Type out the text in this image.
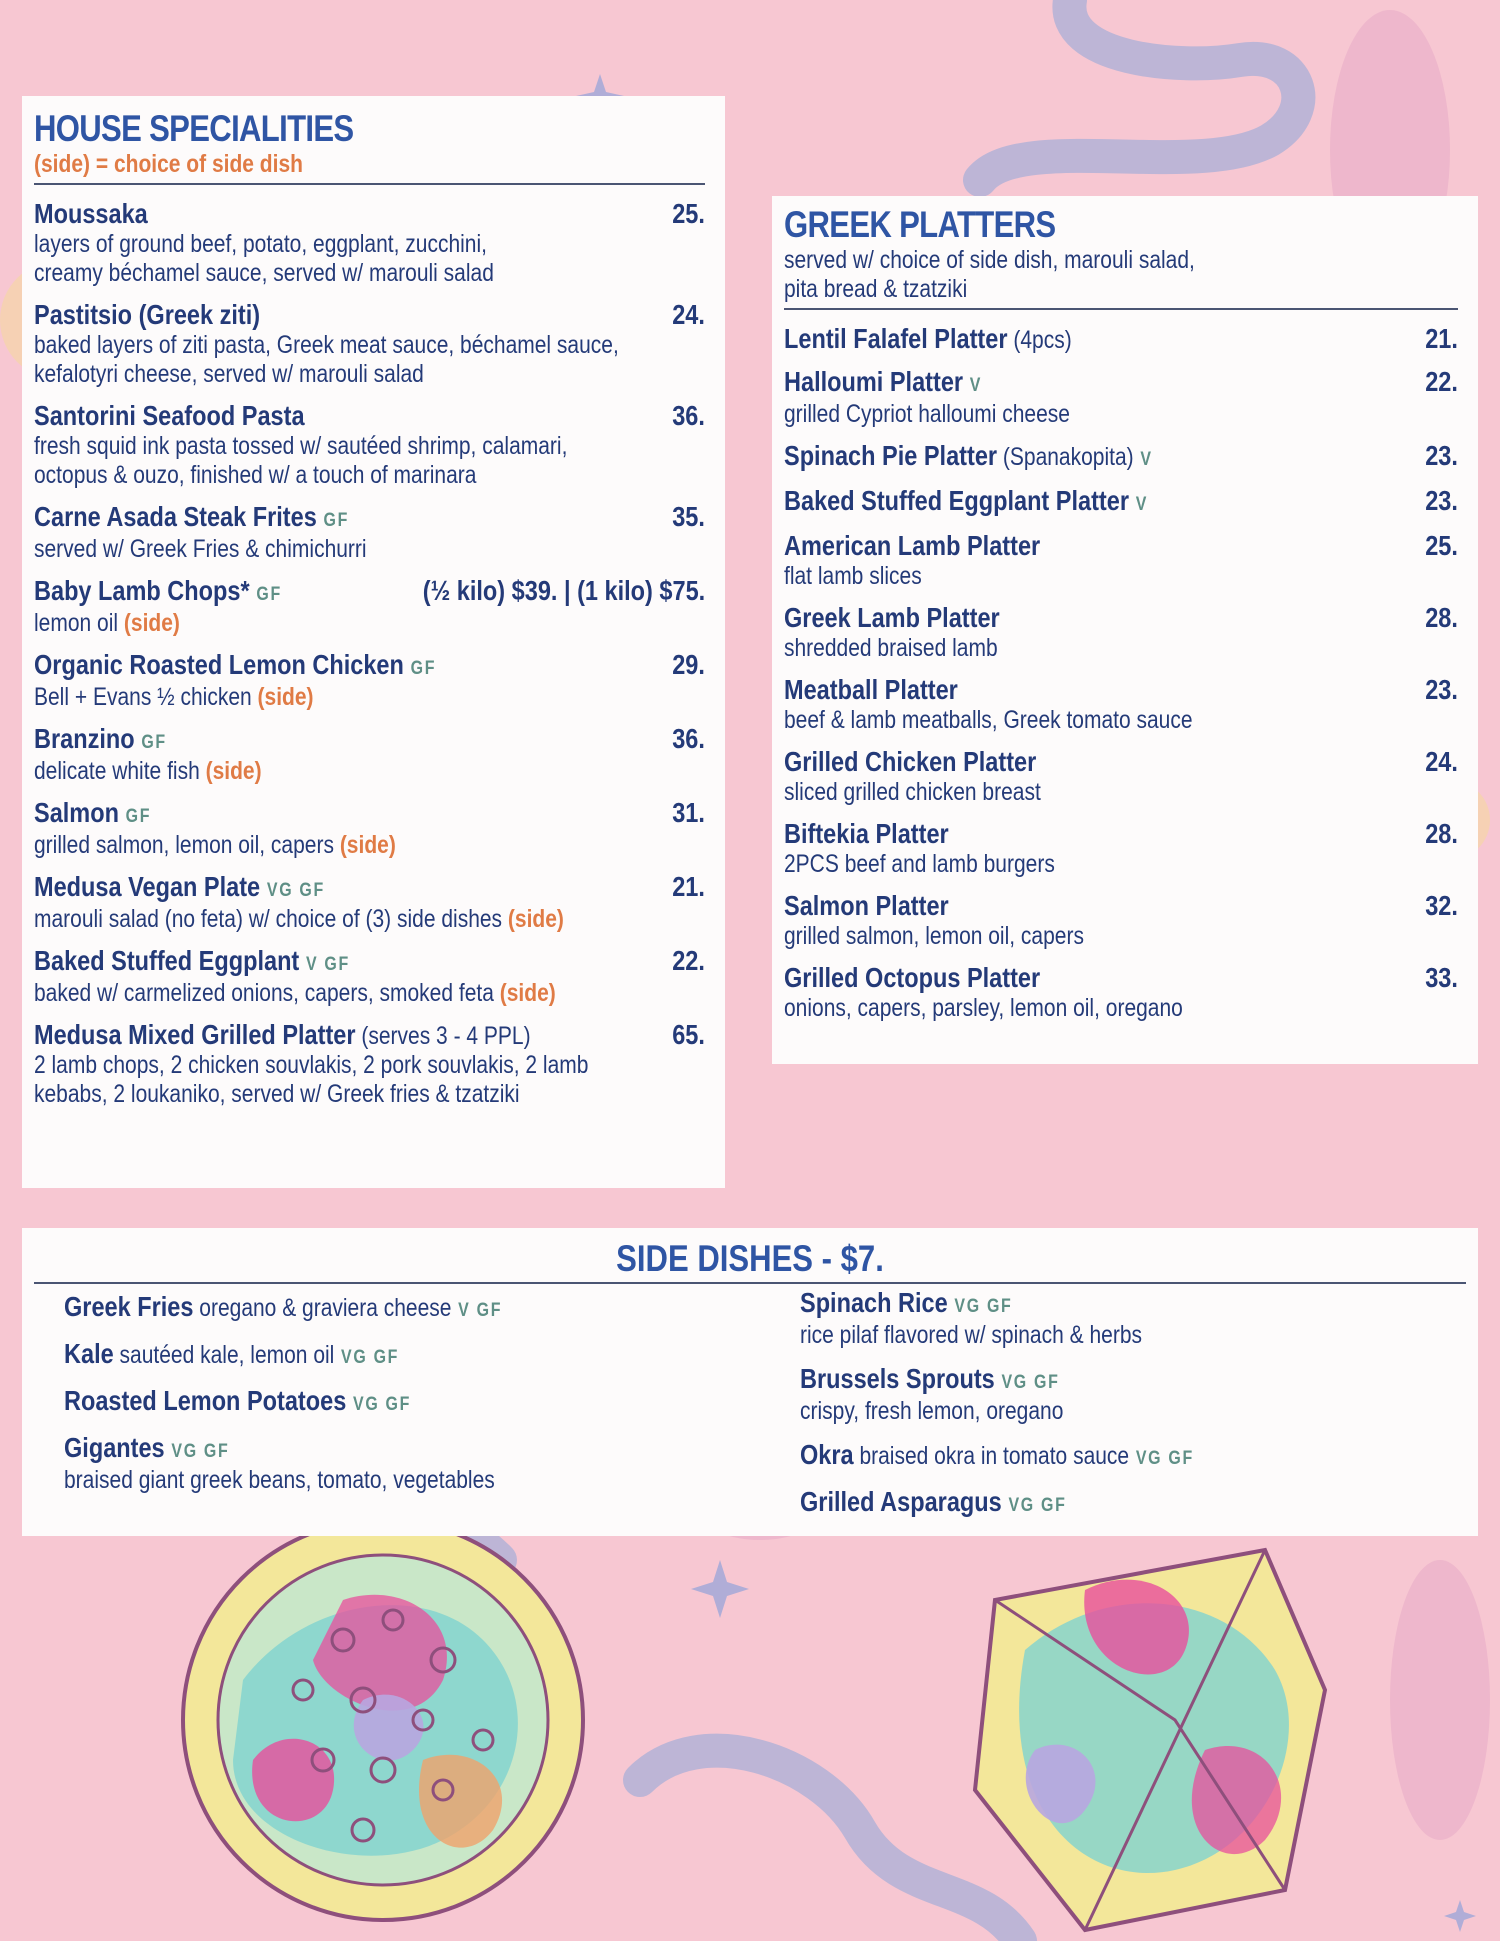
HOUSE SPECIALITIES
(side) = choice of side dish
Moussaka	25.
layers of ground beef, potato, eggplant, zucchini,
creamy béchamel sauce, served w/ marouli salad
Pastitsio (Greek ziti)	24.
baked layers of ziti pasta, Greek meat sauce, béchamel sauce,
kefalotyri cheese, served w/ marouli salad
Santorini Seafood Pasta	36.
fresh squid ink pasta tossed w/ sautéed shrimp, calamari,
octopus & ouzo, finished w/ a touch of marinara
Carne Asada Steak Frites GF	35.
served w/ Greek Fries & chimichurri
Baby Lamb Chops* GF	(½ kilo) $39. | (1 kilo) $75.
lemon oil (side)
Organic Roasted Lemon Chicken GF	29.
Bell + Evans ½ chicken (side)
Branzino GF	36.
delicate white fish (side)
Salmon GF	31.
grilled salmon, lemon oil, capers (side)
Medusa Vegan Plate VG GF	21.
marouli salad (no feta) w/ choice of (3) side dishes (side)
Baked Stuffed Eggplant V GF	22.
baked w/ carmelized onions, capers, smoked feta (side)
Medusa Mixed Grilled Platter (serves 3 - 4 PPL)	65.
2 lamb chops, 2 chicken souvlakis, 2 pork souvlakis, 2 lamb
kebabs, 2 loukaniko, served w/ Greek fries & tzatziki
GREEK PLATTERS
served w/ choice of side dish, marouli salad,
pita bread & tzatziki
Lentil Falafel Platter (4pcs)	21.
Halloumi Platter V	22.
grilled Cypriot halloumi cheese
Spinach Pie Platter (Spanakopita) V	23.
Baked Stuffed Eggplant Platter V	23.
American Lamb Platter	25.
flat lamb slices
Greek Lamb Platter	28.
shredded braised lamb
Meatball Platter	23.
beef & lamb meatballs, Greek tomato sauce
Grilled Chicken Platter	24.
sliced grilled chicken breast
Biftekia Platter	28.
2PCS beef and lamb burgers
Salmon Platter	32.
grilled salmon, lemon oil, capers
Grilled Octopus Platter	33.
onions, capers, parsley, lemon oil, oregano
SIDE DISHES - $7.
Greek Fries oregano & graviera cheese V GF
Kale sautéed kale, lemon oil VG GF
Roasted Lemon Potatoes VG GF
Gigantes VG GF
braised giant greek beans, tomato, vegetables
Spinach Rice VG GF
rice pilaf flavored w/ spinach & herbs
Brussels Sprouts VG GF
crispy, fresh lemon, oregano
Okra braised okra in tomato sauce VG GF
Grilled Asparagus VG GF
